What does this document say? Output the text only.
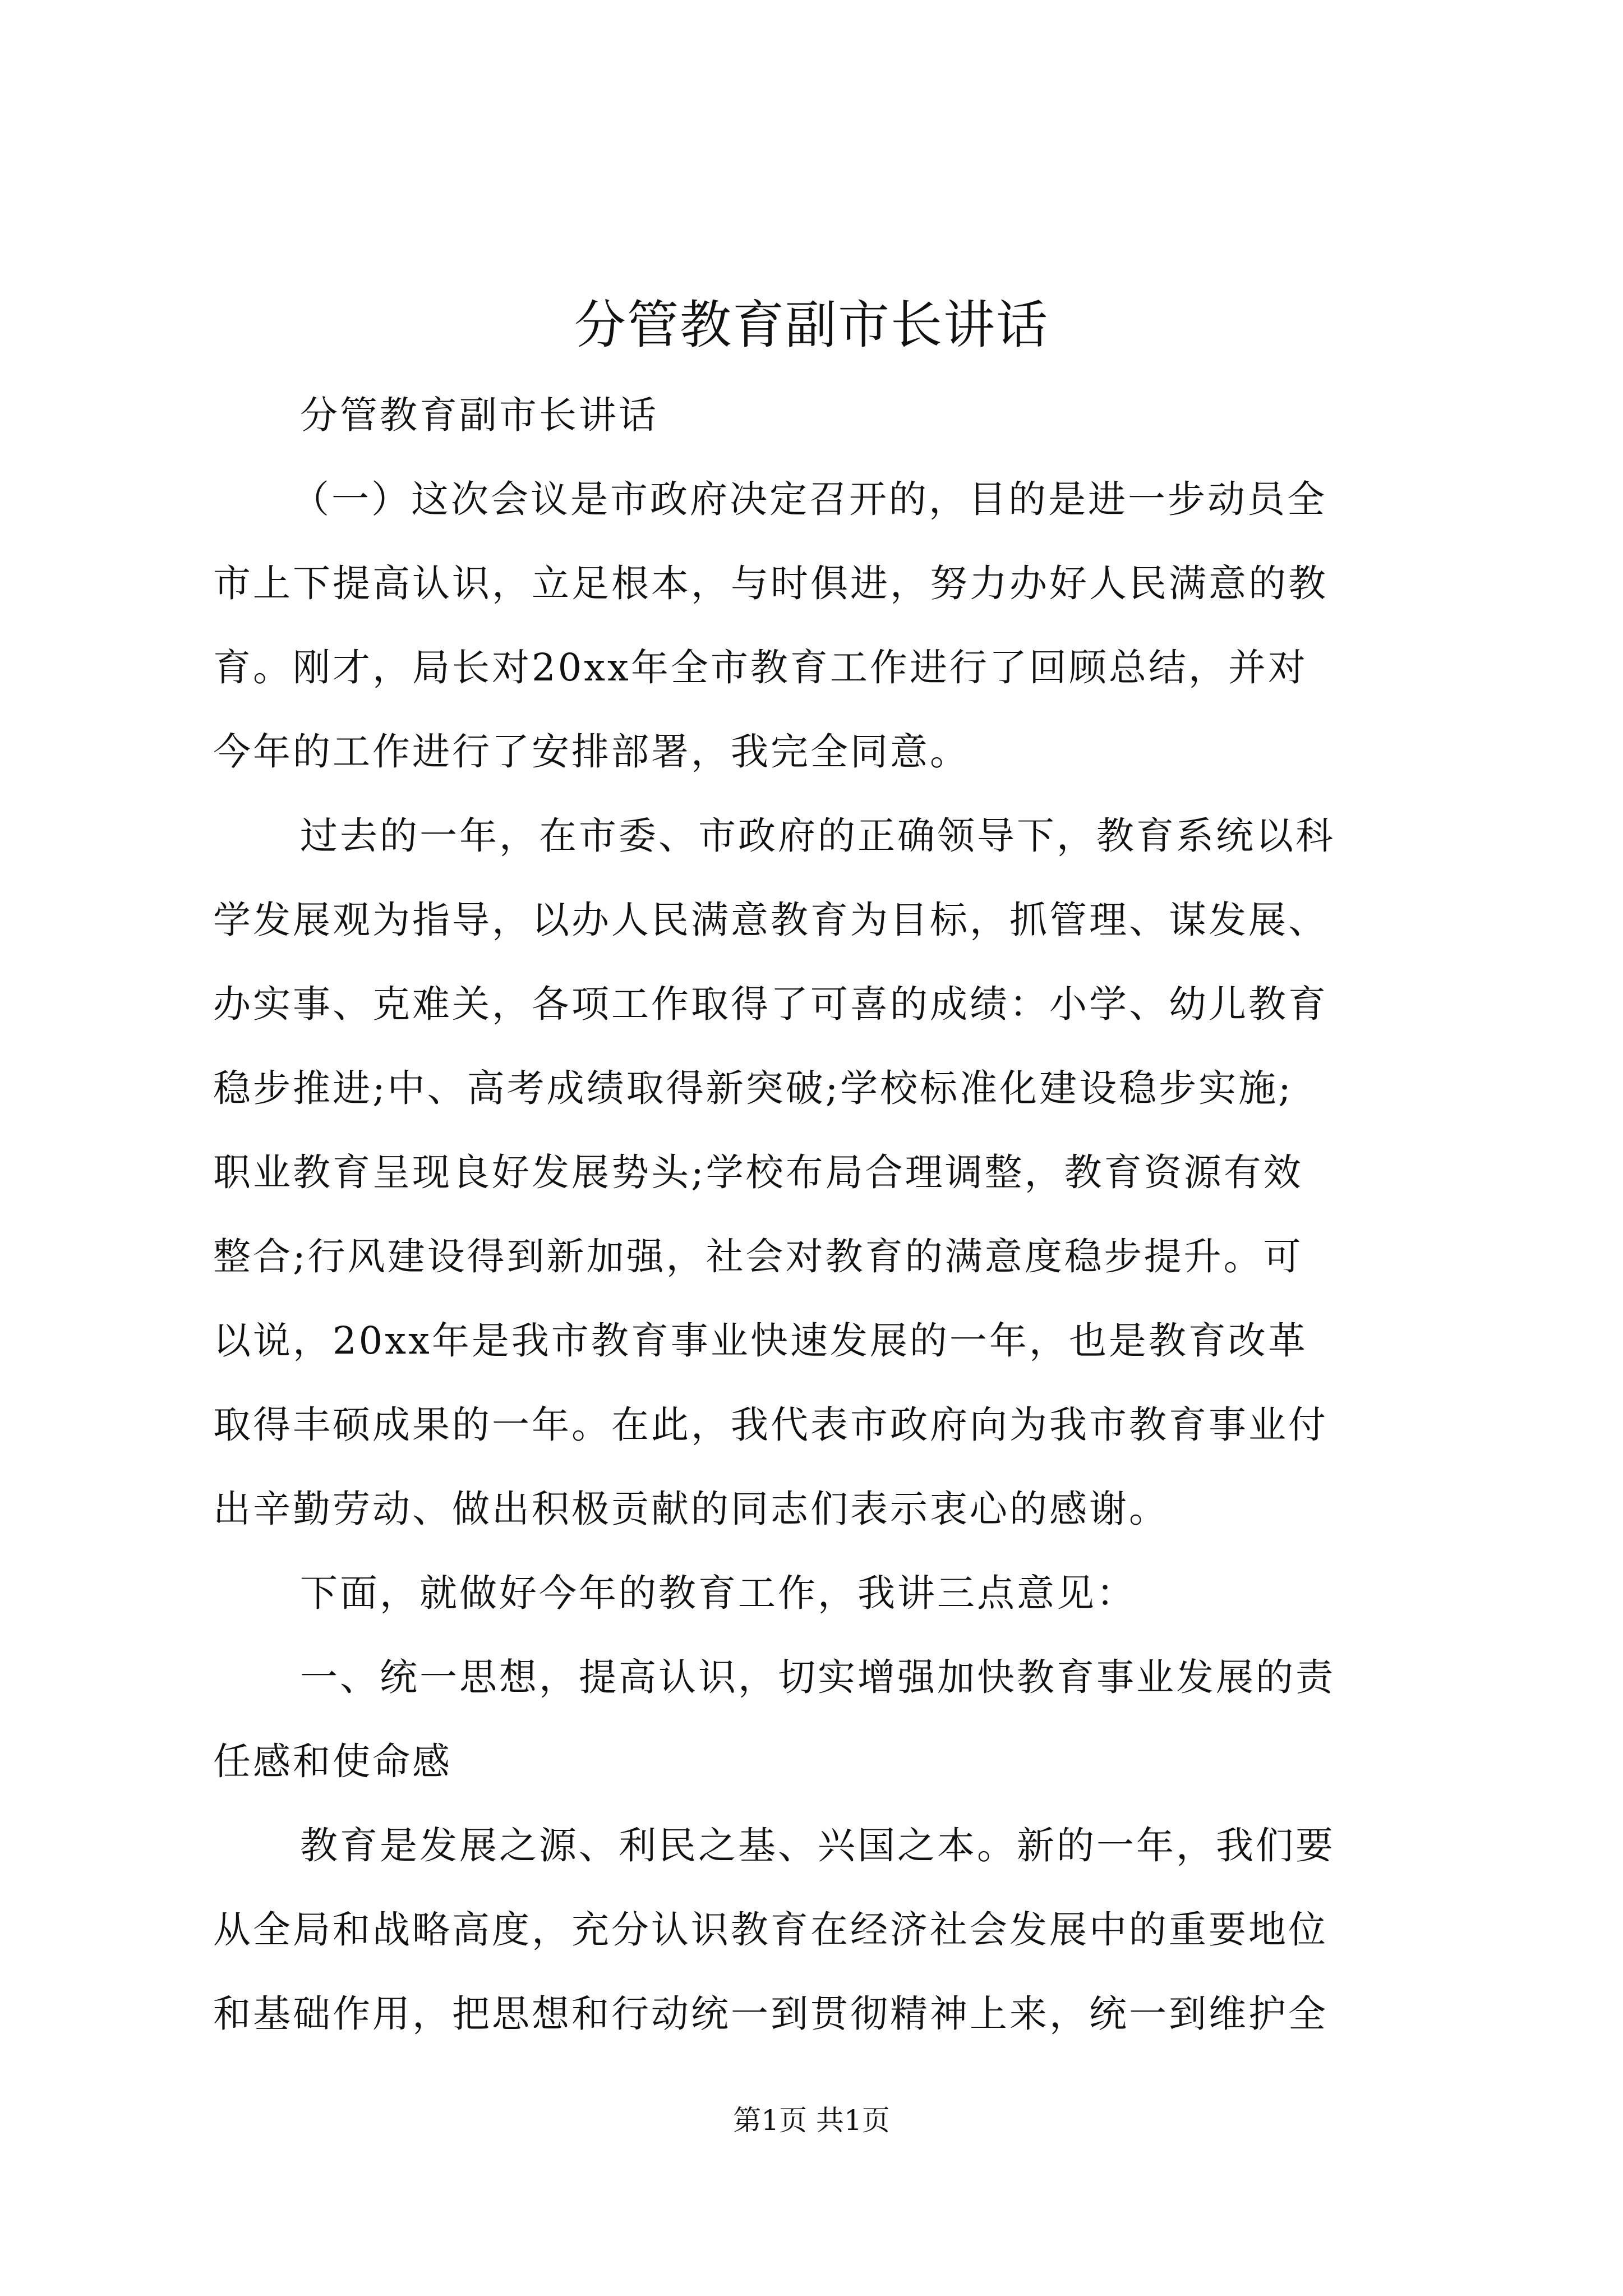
分管教育副市长讲话
分管教育副市长讲话
（一）这次会议是市政府决定召开的，目的是进一步动员全
市上下提高认识，立足根本，与时俱进，努力办好人民满意的教
育。刚才，局长对20xx年全市教育工作进行了回顾总结，并对
今年的工作进行了安排部署，我完全同意。
过去的一年，在市委、市政府的正确领导下，教育系统以科
学发展观为指导，以办人民满意教育为目标，抓管理、谋发展、
办实事、克难关，各项工作取得了可喜的成绩：小学、幼儿教育
稳步推进;中、高考成绩取得新突破;学校标准化建设稳步实施;
职业教育呈现良好发展势头;学校布局合理调整，教育资源有效
整合;行风建设得到新加强，社会对教育的满意度稳步提升。可
以说，20xx年是我市教育事业快速发展的一年，也是教育改革
取得丰硕成果的一年。在此，我代表市政府向为我市教育事业付
出辛勤劳动、做出积极贡献的同志们表示衷心的感谢。
下面，就做好今年的教育工作，我讲三点意见：
一、统一思想，提高认识，切实增强加快教育事业发展的责
任感和使命感
教育是发展之源、利民之基、兴国之本。新的一年，我们要
从全局和战略高度，充分认识教育在经济社会发展中的重要地位
和基础作用，把思想和行动统一到贯彻精神上来，统一到维护全
第1页 共1页
